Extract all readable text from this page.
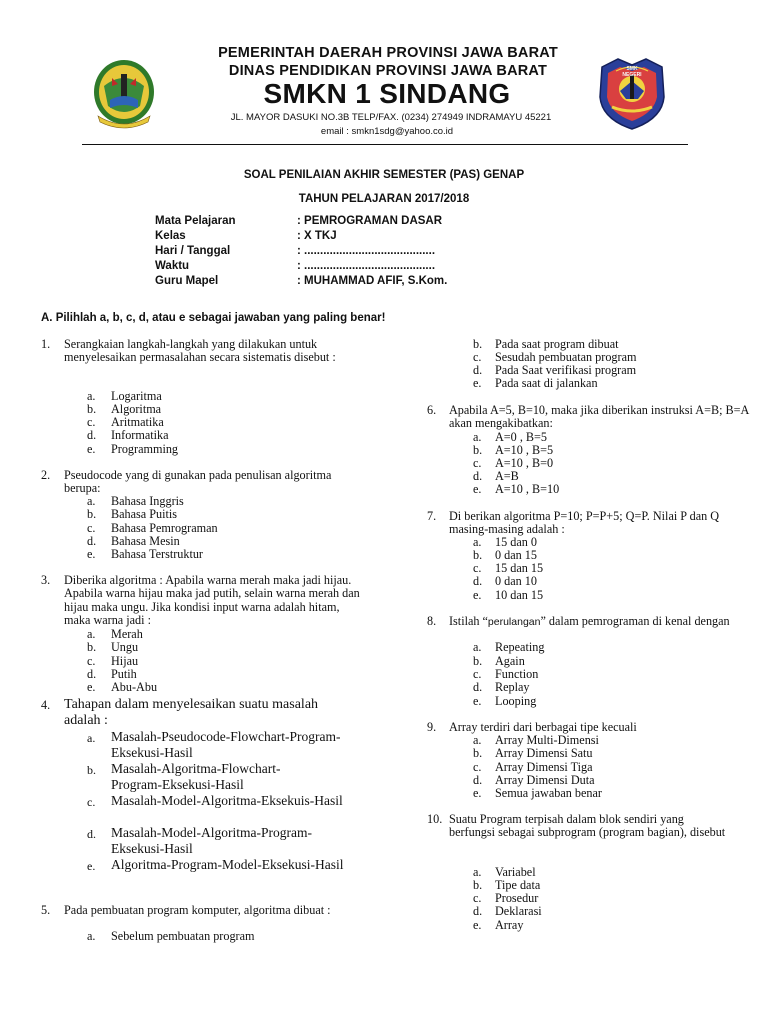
SMK NEGERI
PEMERINTAH DAERAH PROVINSI JAWA BARAT
DINAS PENDIDIKAN PROVINSI JAWA BARAT
SMKN 1 SINDANG
JL. MAYOR DASUKI NO.3B TELP/FAX. (0234) 274949 INDRAMAYU 45221
email : smkn1sdg@yahoo.co.id
SOAL PENILAIAN AKHIR SEMESTER (PAS) GENAP
TAHUN PELAJARAN 2017/2018
Mata Pelajaran	: PEMROGRAMAN DASAR
Kelas	: X TKJ
Hari / Tanggal	: .........................................
Waktu	: .........................................
Guru Mapel	: MUHAMMAD AFIF, S.Kom.
A. Pilihlah a, b, c, d, atau e sebagai jawaban yang paling benar!
1. Serangkaian langkah-langkah yang dilakukan untuk menyelesaikan permasalahan secara sistematis disebut :
a. Logaritma
b. Algoritma
c. Aritmatika
d. Informatika
e. Programming
2. Pseudocode yang di gunakan pada penulisan algoritma berupa:
a. Bahasa Inggris
b. Bahasa Puitis
c. Bahasa Pemrograman
d. Bahasa Mesin
e. Bahasa Terstruktur
3. Diberika algoritma : Apabila warna merah maka jadi hijau. Apabila warna hijau maka jad putih, selain warna merah dan hijau maka ungu. Jika kondisi input warna adalah hitam, maka warna jadi :
a. Merah
b. Ungu
c. Hijau
d. Putih
e. Abu-Abu
4. Tahapan dalam menyelesaikan suatu masalah adalah :
a. Masalah-Pseudocode-Flowchart-Program-Eksekusi-Hasil
b. Masalah-Algoritma-Flowchart-Program-Eksekusi-Hasil
c. Masalah-Model-Algoritma-Eksekuis-Hasil
d. Masalah-Model-Algoritma-Program-Eksekusi-Hasil
e. Algoritma-Program-Model-Eksekusi-Hasil
5. Pada pembuatan program komputer, algoritma dibuat :
a. Sebelum pembuatan program
b. Pada saat program dibuat
c. Sesudah pembuatan program
d. Pada Saat verifikasi program
e. Pada saat di jalankan
6. Apabila A=5, B=10, maka jika diberikan instruksi A=B; B=A akan mengakibatkan:
a. A=0 , B=5
b. A=10 , B=5
c. A=10 , B=0
d. A=B
e. A=10 , B=10
7. Di berikan algoritma P=10; P=P+5; Q=P. Nilai P dan Q masing-masing adalah :
a. 15 dan 0
b. 0 dan 15
c. 15 dan 15
d. 0 dan 10
e. 10 dan 15
8. Istilah “perulangan” dalam pemrograman di kenal dengan
a. Repeating
b. Again
c. Function
d. Replay
e. Looping
9. Array terdiri dari berbagai tipe kecuali
a. Array Multi-Dimensi
b. Array Dimensi Satu
c. Array Dimensi Tiga
d. Array Dimensi Duta
e. Semua jawaban benar
10. Suatu Program terpisah dalam blok sendiri yang berfungsi sebagai subprogram (program bagian), disebut
a. Variabel
b. Tipe data
c. Prosedur
d. Deklarasi
e. Array
